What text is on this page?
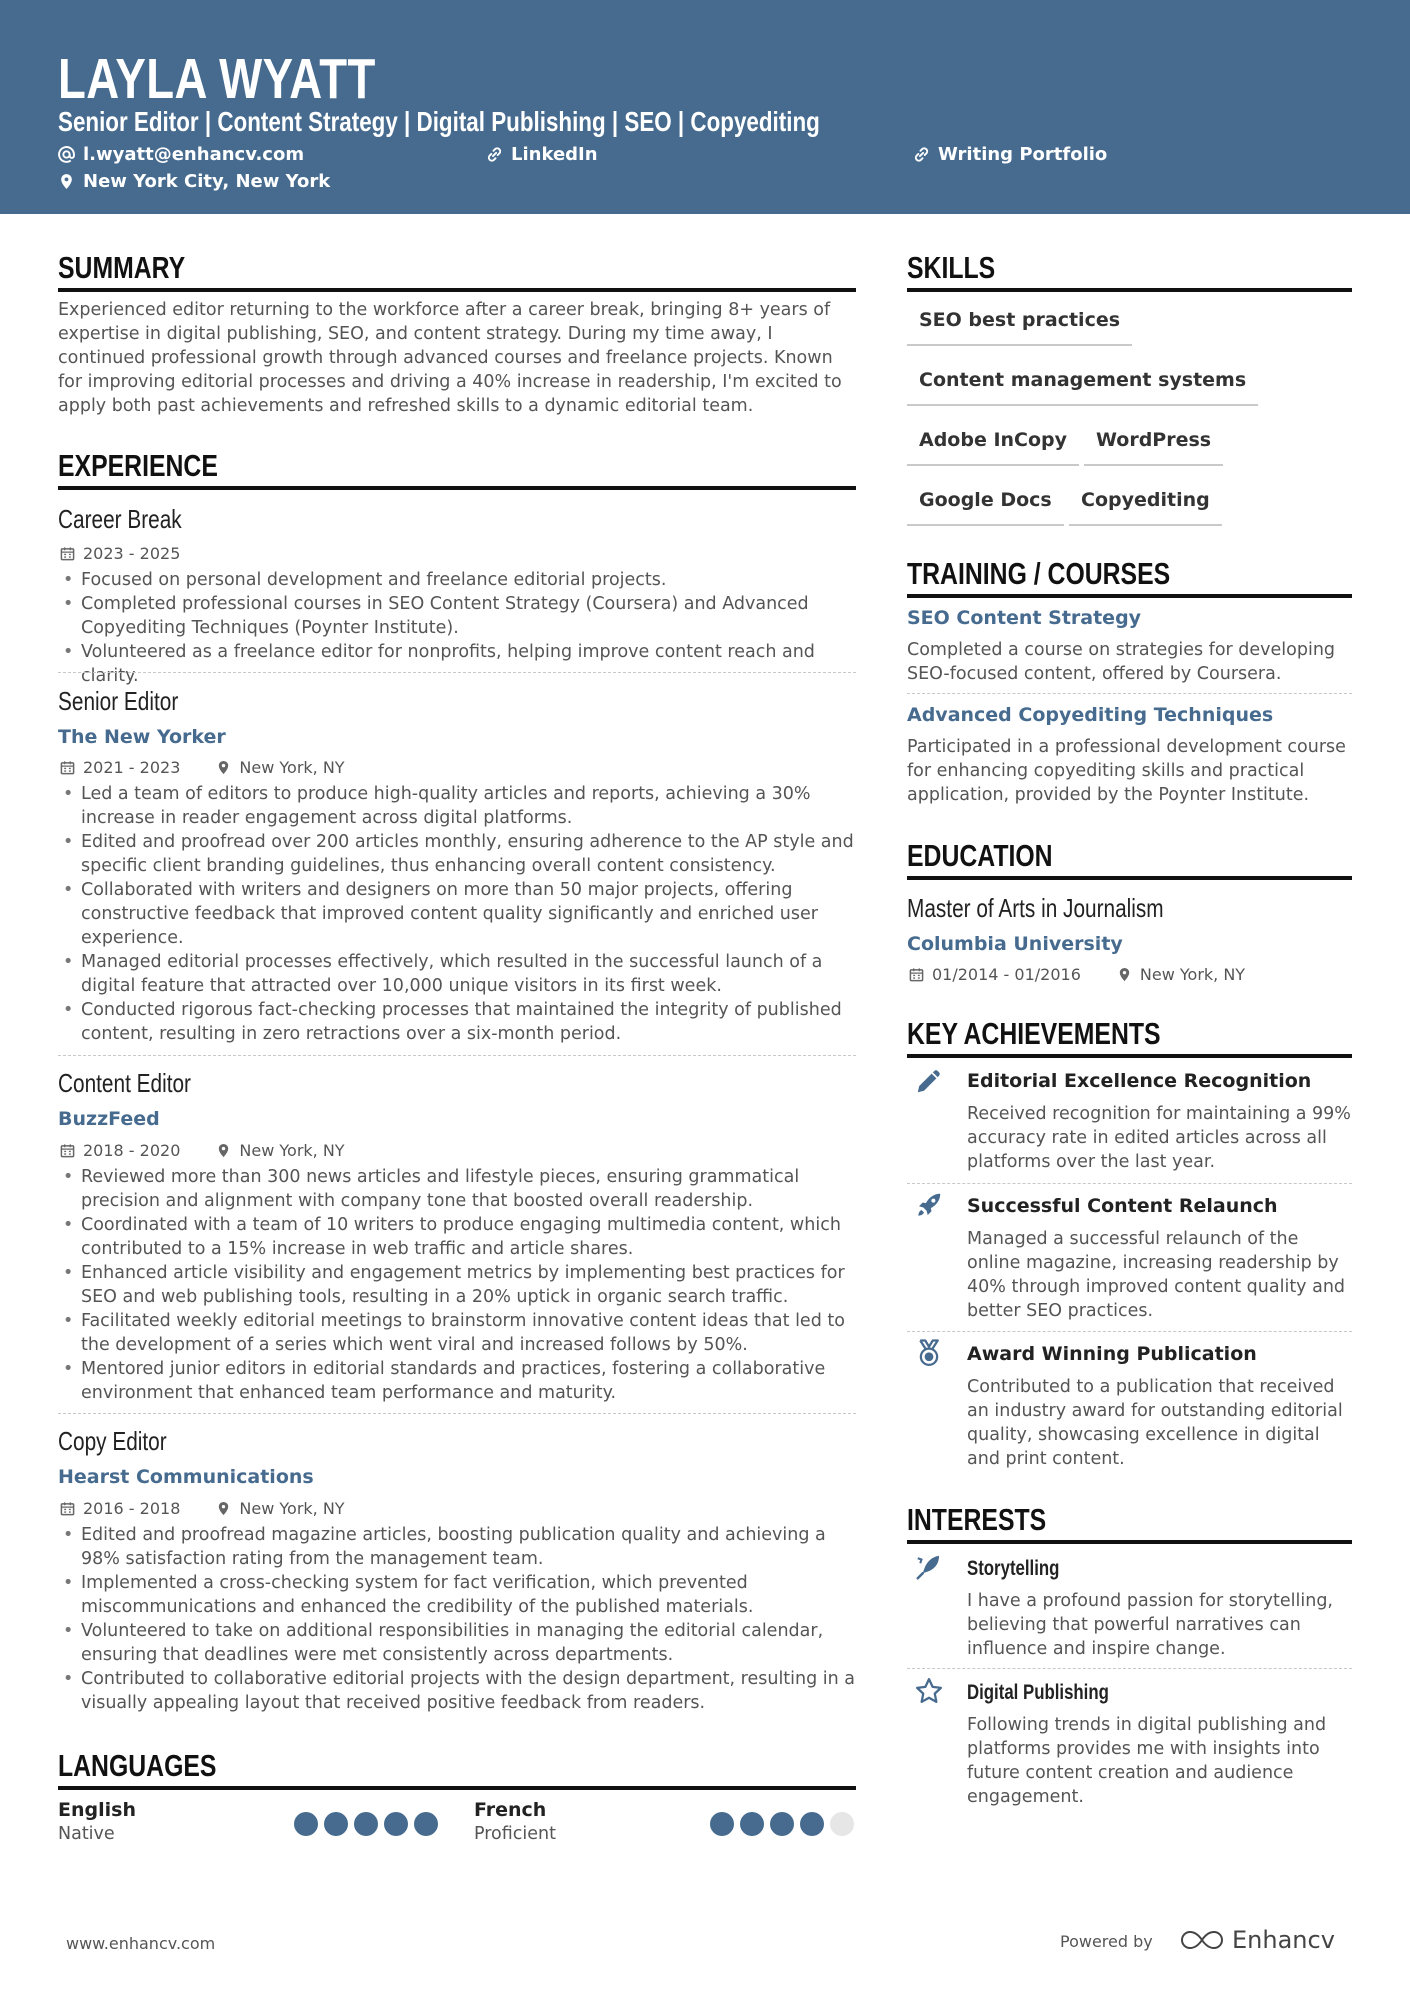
LAYLA WYATT
Senior Editor | Content Strategy | Digital Publishing | SEO | Copyediting
l.wyatt@enhancv.com	LinkedIn	Writing Portfolio
New York City, New York
SUMMARY
Experienced editor returning to the workforce after a career break, bringing 8+ years of expertise in digital publishing, SEO, and content strategy. During my time away, I continued professional growth through advanced courses and freelance projects. Known for improving editorial processes and driving a 40% increase in readership, I'm excited to apply both past achievements and refreshed skills to a dynamic editorial team.
EXPERIENCE
Career Break
2023 - 2025
• Focused on personal development and freelance editorial projects.
• Completed professional courses in SEO Content Strategy (Coursera) and Advanced Copyediting Techniques (Poynter Institute).
• Volunteered as a freelance editor for nonprofits, helping improve content reach and clarity.
Senior Editor
The New Yorker
2021 - 2023	New York, NY
• Led a team of editors to produce high-quality articles and reports, achieving a 30% increase in reader engagement across digital platforms.
• Edited and proofread over 200 articles monthly, ensuring adherence to the AP style and specific client branding guidelines, thus enhancing overall content consistency.
• Collaborated with writers and designers on more than 50 major projects, offering constructive feedback that improved content quality significantly and enriched user experience.
• Managed editorial processes effectively, which resulted in the successful launch of a digital feature that attracted over 10,000 unique visitors in its first week.
• Conducted rigorous fact-checking processes that maintained the integrity of published content, resulting in zero retractions over a six-month period.
Content Editor
BuzzFeed
2018 - 2020	New York, NY
• Reviewed more than 300 news articles and lifestyle pieces, ensuring grammatical precision and alignment with company tone that boosted overall readership.
• Coordinated with a team of 10 writers to produce engaging multimedia content, which contributed to a 15% increase in web traffic and article shares.
• Enhanced article visibility and engagement metrics by implementing best practices for SEO and web publishing tools, resulting in a 20% uptick in organic search traffic.
• Facilitated weekly editorial meetings to brainstorm innovative content ideas that led to the development of a series which went viral and increased follows by 50%.
• Mentored junior editors in editorial standards and practices, fostering a collaborative environment that enhanced team performance and maturity.
Copy Editor
Hearst Communications
2016 - 2018	New York, NY
• Edited and proofread magazine articles, boosting publication quality and achieving a 98% satisfaction rating from the management team.
• Implemented a cross-checking system for fact verification, which prevented miscommunications and enhanced the credibility of the published materials.
• Volunteered to take on additional responsibilities in managing the editorial calendar, ensuring that deadlines were met consistently across departments.
• Contributed to collaborative editorial projects with the design department, resulting in a visually appealing layout that received positive feedback from readers.
LANGUAGES
English
Native
French
Proficient
SKILLS
SEO best practices
Content management systems
Adobe InCopy	WordPress
Google Docs	Copyediting
TRAINING / COURSES
SEO Content Strategy
Completed a course on strategies for developing SEO-focused content, offered by Coursera.
Advanced Copyediting Techniques
Participated in a professional development course for enhancing copyediting skills and practical application, provided by the Poynter Institute.
EDUCATION
Master of Arts in Journalism
Columbia University
01/2014 - 01/2016	New York, NY
KEY ACHIEVEMENTS
Editorial Excellence Recognition
Received recognition for maintaining a 99% accuracy rate in edited articles across all platforms over the last year.
Successful Content Relaunch
Managed a successful relaunch of the online magazine, increasing readership by 40% through improved content quality and better SEO practices.
Award Winning Publication
Contributed to a publication that received an industry award for outstanding editorial quality, showcasing excellence in digital and print content.
INTERESTS
Storytelling
I have a profound passion for storytelling, believing that powerful narratives can influence and inspire change.
Digital Publishing
Following trends in digital publishing and platforms provides me with insights into future content creation and audience engagement.
www.enhancv.com	Powered by	Enhancv
